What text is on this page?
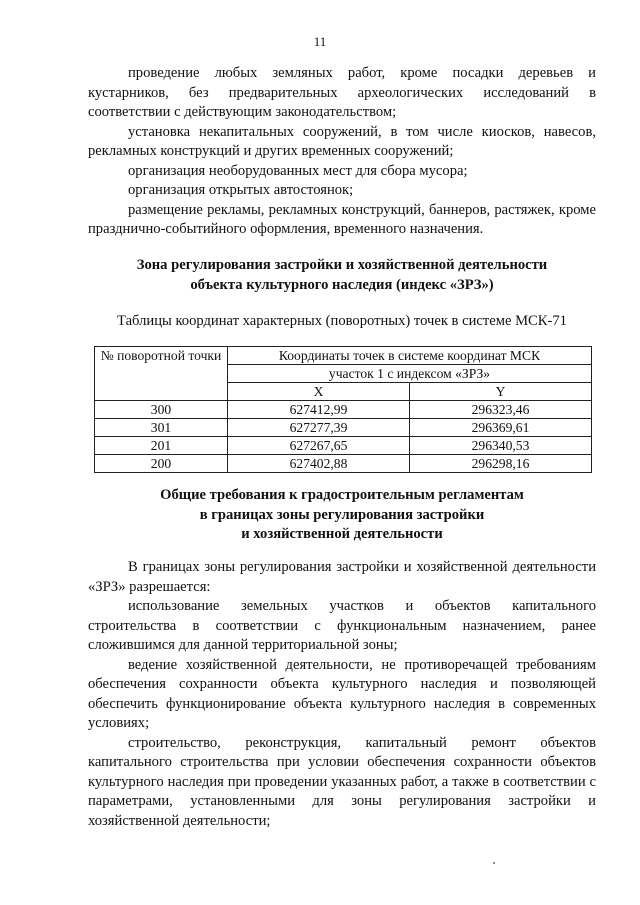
11

проведение любых земляных работ, кроме посадки деревьев и кустарников, без предварительных археологических исследований в соответствии с действующим законодательством;

установка некапитальных сооружений, в том числе киосков, навесов, рекламных конструкций и других временных сооружений;

организация необорудованных мест для сбора мусора;

организация открытых автостоянок;

размещение рекламы, рекламных конструкций, баннеров, растяжек, кроме празднично-событийного оформления, временного назначения.

Зона регулирования застройки и хозяйственной деятельности
объекта культурного наследия (индекс «ЗРЗ»)
Таблицы координат характерных (поворотных) точек в системе МСК-71
№ поворотной точки	Координаты точек в системе координат МСК	
	участок 1 с индексом «ЗРЗ»	
	X	Y
300	627412,99	296323,46
301	627277,39	296369,61
201	627267,65	296340,53
200	627402,88	296298,16
Общие требования к градостроительным регламентам
в границах зоны регулирования застройки
и хозяйственной деятельности

В границах зоны регулирования застройки и хозяйственной деятельности «ЗРЗ» разрешается:

использование земельных участков и объектов капитального строительства в соответствии с функциональным назначением, ранее сложившимся для данной территориальной зоны;

ведение хозяйственной деятельности, не противоречащей требованиям обеспечения сохранности объекта культурного наследия и позволяющей обеспечить функционирование объекта культурного наследия в современных условиях;

строительство, реконструкция, капитальный ремонт объектов капитального строительства при условии обеспечения сохранности объектов культурного наследия при проведении указанных работ, а также в соответствии с параметрами, установленными для зоны регулирования застройки и хозяйственной деятельности;
